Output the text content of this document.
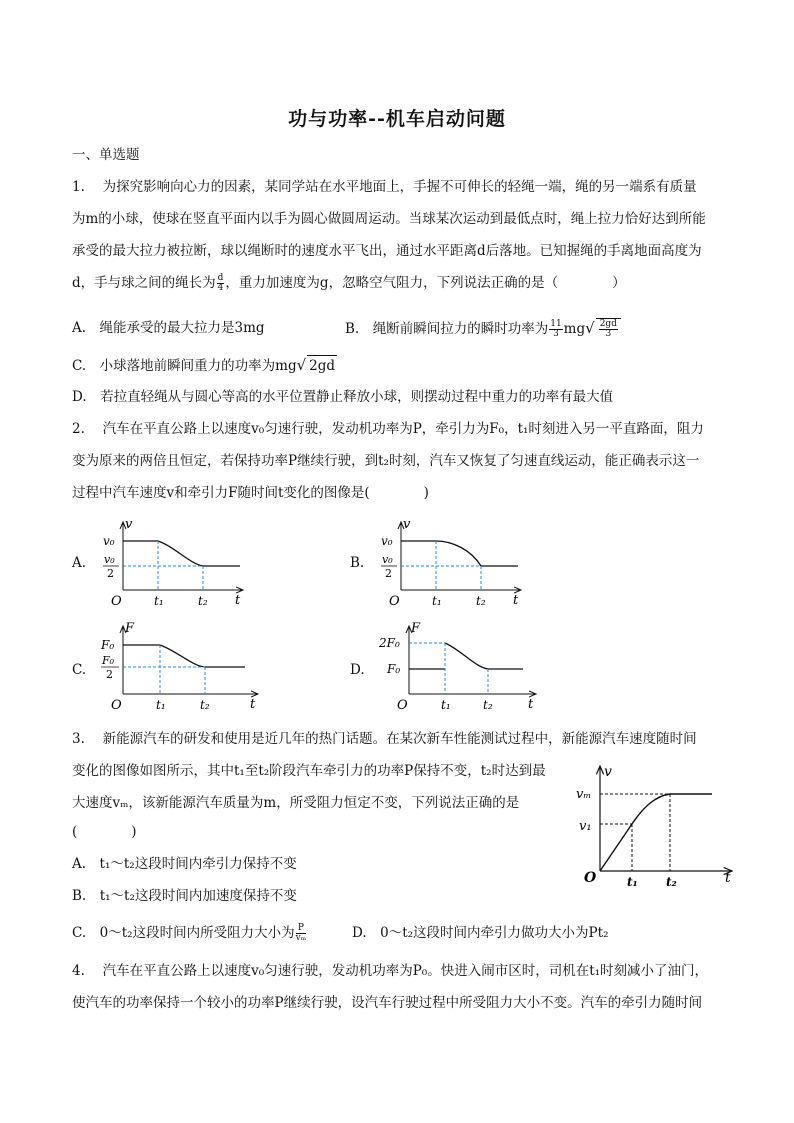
功与功率--机车启动问题
一、单选题
1.　 为探究影响向心力的因素，某同学站在水平地面上，手握不可伸长的轻绳一端，绳的另一端系有质量
为m的小球，使球在竖直平面内以手为圆心做圆周运动。当球某次运动到最低点时，绳上拉力恰好达到所能
承受的最大拉力被拉断，球以绳断时的速度水平飞出，通过水平距离d后落地。已知握绳的手离地面高度为
d，手与球之间的绳长为 $\frac{d}{4}$ ，重力加速度为g，忽略空气阻力，下列说法正确的是（　　　　）
A.　绳能承受的最大拉力是3mg	B.　绳断前瞬间拉力的瞬时功率为 $\frac{11}{3} mg√ \frac{2gd}{3}$
C.　小球落地前瞬间重力的功率为mg√ 2gd
D.　若拉直轻绳从与圆心等高的水平位置静止释放小球，则摆动过程中重力的功率有最大值
2.　 汽车在平直公路上以速度v₀匀速行驶，发动机功率为P，牵引力为F₀，t₁时刻进入另一平直路面，阻力
变为原来的两倍且恒定，若保持功率P继续行驶，到t₂时刻，汽车又恢复了匀速直线运动，能正确表示这一
过程中汽车速度v和牵引力F随时间t变化的图像是(　　　　)
A.
v
t
O
v₀
v₀
2
t₁	t₂
B.
v
t
O
v₀
v₀
2
t₁	t₂
C.
F
t
O
F₀
F₀
2
t₁	t₂
D.
F
t
O
2F₀
F₀
t₁	t₂
3.　 新能源汽车的研发和使用是近几年的热门话题。在某次新车性能测试过程中，新能源汽车速度随时间
变化的图像如图所示，其中t₁至t₂阶段汽车牵引力的功率P保持不变，t₂时达到最
大速度vₘ，该新能源汽车质量为m，所受阻力恒定不变，下列说法正确的是
(　　　　)
A.　t₁～t₂这段时间内牵引力保持不变
B.　t₁～t₂这段时间内加速度保持不变
C.　0～t₂这段时间内所受阻力大小为 $\frac{P}{\text{vₘ}}$	D.　0～t₂这段时间内牵引力做功大小为Pt₂
v
t
O
vₘ
v₁
t₁ t₂
4.　 汽车在平直公路上以速度v₀匀速行驶，发动机功率为P₀。快进入闹市区时，司机在t₁时刻减小了油门，
使汽车的功率保持一个较小的功率P继续行驶，设汽车行驶过程中所受阻力大小不变。汽车的牵引力随时间
